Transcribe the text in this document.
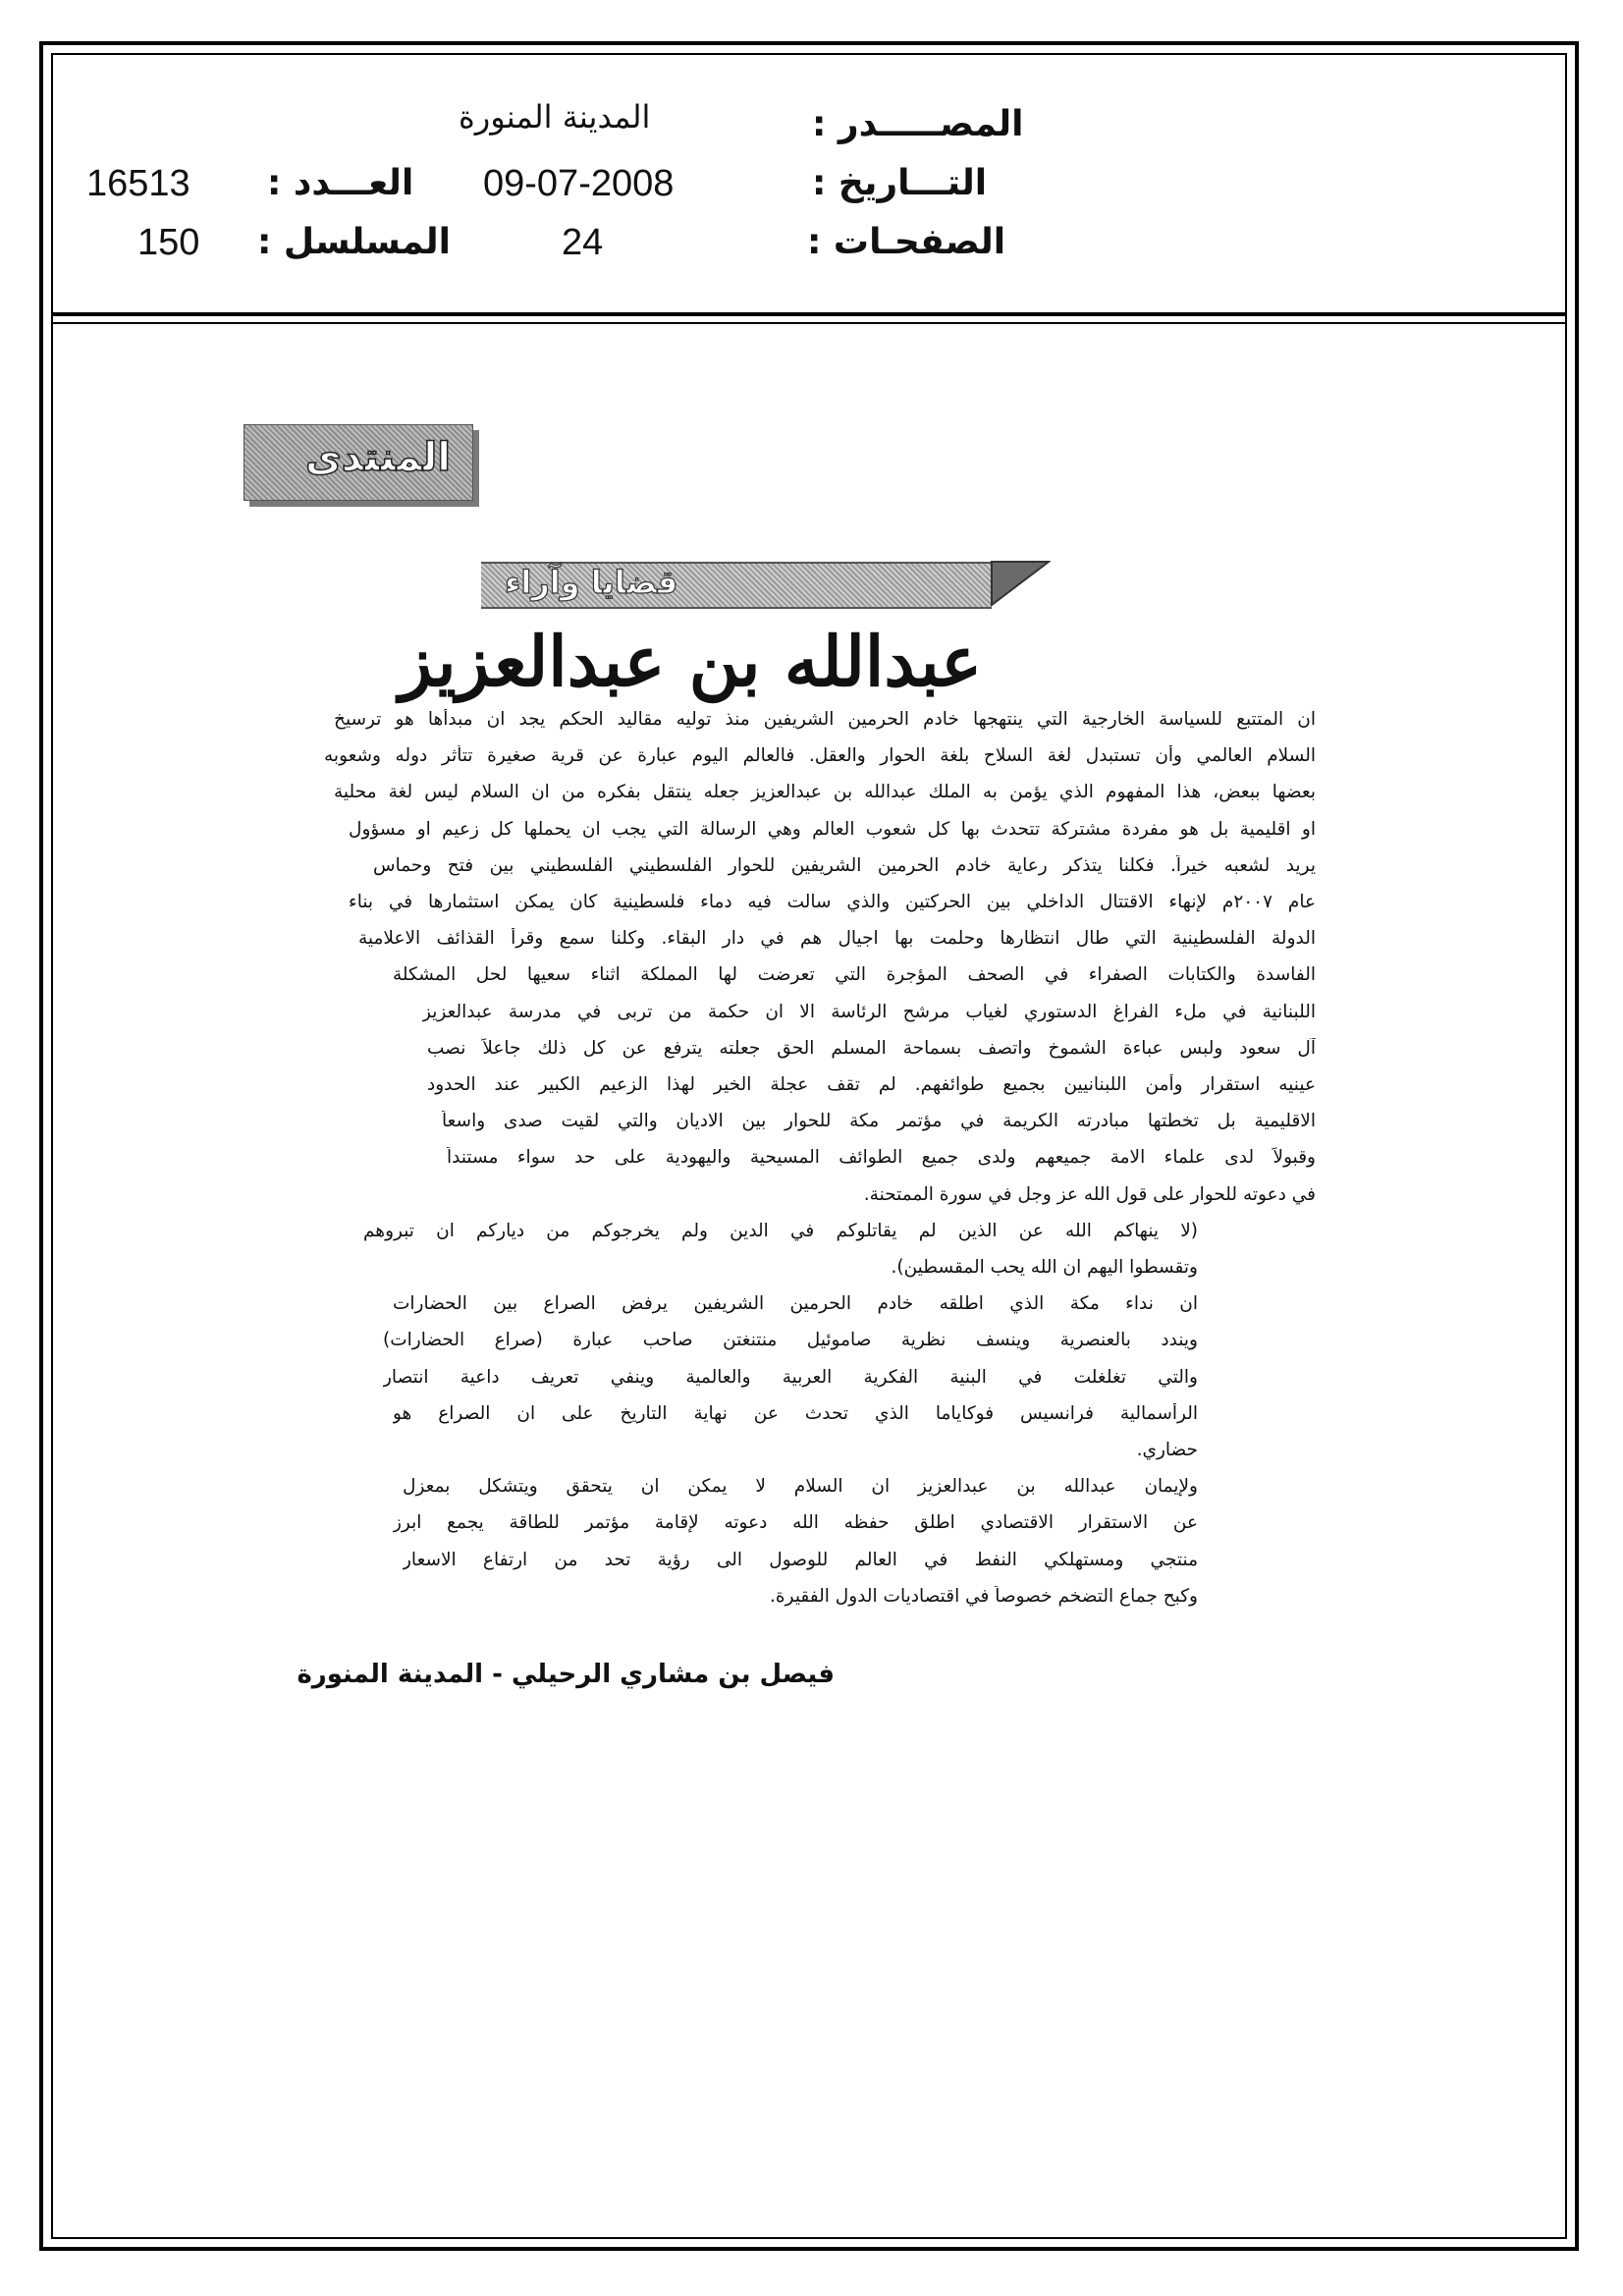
المصـــــدر :
المدينة المنورة
التـــاريخ :
09-07-2008
العـــدد :
16513
الصفحـات :
24
المسلسل :
150
المنتدى
قضايا وآراء
عبدالله بن عبدالعزيز
ان المتتبع للسياسة الخارجية التي ينتهجها خادم الحرمين الشريفين منذ توليه مقاليد الحكم يجد ان مبدأها هو ترسيخ
السلام العالمي وأن تستبدل لغة السلاح بلغة الحوار والعقل. فالعالم اليوم عبارة عن قرية صغيرة تتأثر دوله وشعوبه
بعضها ببعض، هذا المفهوم الذي يؤمن به الملك عبدالله بن عبدالعزيز جعله ينتقل بفكره من ان السلام ليس لغة محلية
او اقليمية بل هو مفردة مشتركة تتحدث بها كل شعوب العالم وهي الرسالة التي يجب ان يحملها كل زعيم او مسؤول
يريد لشعبه خيراً. فكلنا يتذكر رعاية خادم الحرمين الشريفين للحوار الفلسطيني الفلسطيني بين فتح وحماس
عام ٢٠٠٧م لإنهاء الاقتتال الداخلي بين الحركتين والذي سالت فيه دماء فلسطينية كان يمكن استثمارها في بناء
الدولة الفلسطينية التي طال انتظارها وحلمت بها اجيال هم في دار البقاء. وكلنا سمع وقرأ القذائف الاعلامية
الفاسدة والكتابات الصفراء في الصحف المؤجرة التي تعرضت لها المملكة اثناء سعيها لحل المشكلة
اللبنانية في ملء الفراغ الدستوري لغياب مرشح الرئاسة الا ان حكمة من تربى في مدرسة عبدالعزيز
آل سعود ولبس عباءة الشموخ واتصف بسماحة المسلم الحق جعلته يترفع عن كل ذلك جاعلاً نصب
عينيه استقرار وأمن اللبنانيين بجميع طوائفهم. لم تقف عجلة الخير لهذا الزعيم الكبير عند الحدود
الاقليمية بل تخطتها مبادرته الكريمة في مؤتمر مكة للحوار بين الاديان والتي لقيت صدى واسعاً
وقبولاً لدى علماء الامة جميعهم ولدى جميع الطوائف المسيحية واليهودية على حد سواء مستنداً
في دعوته للحوار على قول الله عز وجل في سورة الممتحنة.
(لا ينهاكم الله عن الذين لم يقاتلوكم في الدين ولم يخرجوكم من دياركم ان تبروهم
وتقسطوا اليهم ان الله يحب المقسطين).
ان نداء مكة الذي اطلقه خادم الحرمين الشريفين يرفض الصراع بين الحضارات
ويندد بالعنصرية وينسف نظرية صاموئيل منتنغتن صاحب عبارة (صراع الحضارات)
والتي تغلغلت في البنية الفكرية العربية والعالمية وينفي تعريف داعية انتصار
الرأسمالية فرانسيس فوكاياما الذي تحدث عن نهاية التاريخ على ان الصراع هو
حضاري.
ولإيمان عبدالله بن عبدالعزيز ان السلام لا يمكن ان يتحقق ويتشكل بمعزل
عن الاستقرار الاقتصادي اطلق حفظه الله دعوته لإقامة مؤتمر للطاقة يجمع ابرز
منتجي ومستهلكي النفط في العالم للوصول الى رؤية تحد من ارتفاع الاسعار
وكبح جماع التضخم خصوصاً في اقتصاديات الدول الفقيرة.
فيصل بن مشاري الرحيلي - المدينة المنورة
